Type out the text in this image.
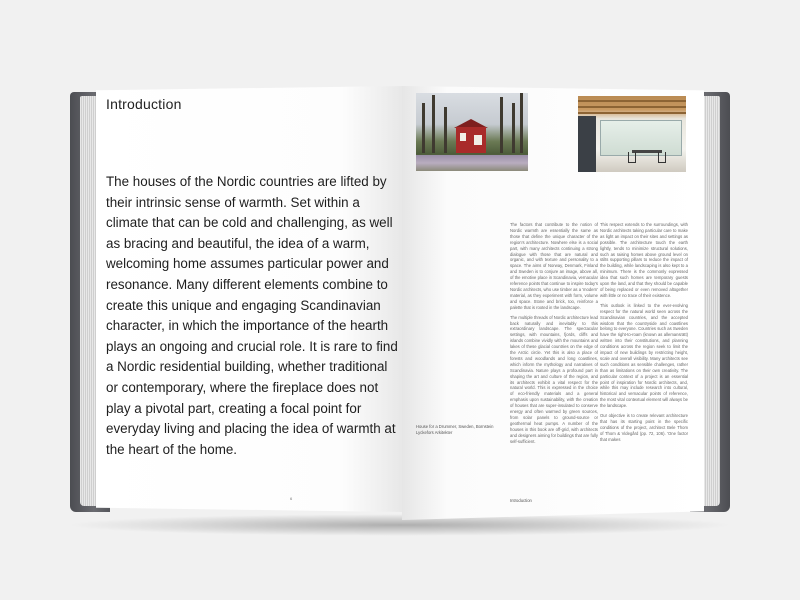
Introduction
The houses of the Nordic countries are lifted by their intrinsic sense of warmth. Set within a climate that can be cold and challenging, as well as bracing and beautiful, the idea of a warm, welcoming home assumes particular power and resonance. Many different elements combine to create this unique and engaging Scandinavian character, in which the importance of the hearth plays an ongoing and crucial role. It is rare to find a Nordic residential building, whether traditional or contemporary, where the fireplace does not play a pivotal part, creating a focal point for everyday living and placing the idea of warmth at the heart of the home.
6
House for a Drummer, Sweden, Bornstein Lyckefors Arkitekter

The factors that contribute to the notion of Nordic warmth are essentially the same as those that define the unique character of the region's architecture. Nowhere else is a social part, with many architects continuing a strong dialogue with those that are natural and organic, and with texture and personality to a space. The aims of Norway, Denmark, Finland and Sweden is to conjure an image, above all, of the emotive place in Scandinavia, vernacular reference points that continue to inspire today's Nordic architects, who use timber as a 'modern' material, as they experiment with form, volume and space. Stone and brick, too, reinforce a palette that is rooted in the landscape.

The multiple threads of Nordic architecture lead back naturally and inevitably to this extraordinary landscape. The spectacular settings, with mountains, fjords, cliffs and islands combine vividly with the mountains and lakes of these glacial countries on the edge of the Arctic circle. Yet this is also a place of forests and woodlands and long coastlines, which inform the mythology and narratives of Scandinavia. Nature plays a profound part in shaping the art and culture of the region, and its architects exhibit a vital respect for the natural world. This is expressed in the choice of eco-friendly materials and a general emphasis upon sustainability, with the creation of houses that are super-insulated to conserve energy and often warmed by green sources, from solar panels to ground-source or geothermal heat pumps. A number of the houses in this book are off-grid, with architects and designers aiming for buildings that are fully self-sufficient.

This respect extends to the surroundings, with Nordic architects taking particular care to make as light an impact on their sites and settings as possible. The architecture touch the earth lightly, tends to minimize structural solutions, such as raising homes above ground level on stilts supporting pillars to reduce the impact of the building, while landscaping is also kept to a minimum. There is the commonly expressed idea that such homes are temporary guests upon the land, and that they should be capable of being replaced or even removed altogether with little or no trace of their existence.

This outlook is linked to the ever-evolving respect for the natural world seen across the Scandinavian countries, and the accepted wisdom that the countryside and coastlines belong to everyone. Countries such as Sweden have the right-to-roam (known as allemansrätt) written into their constitutions, and planning conditions across the region seek to limit the impact of new buildings by restricting height, scale and overall visibility. Many architects see such conditions as sensible challenges, rather than as limitations on their own creativity. The particular context of a project is an essential point of inspiration for Nordic architects, and, while this may include research into cultural, historical and vernacular points of reference, the most vital contextual element will always be the landscape.

Our objective is to create relevant architecture that has its starting point in the specific conditions of the project, architect Bele Thom of Thom & Videgård (pp. 72, 106). 'One factor that makes

Introduction
